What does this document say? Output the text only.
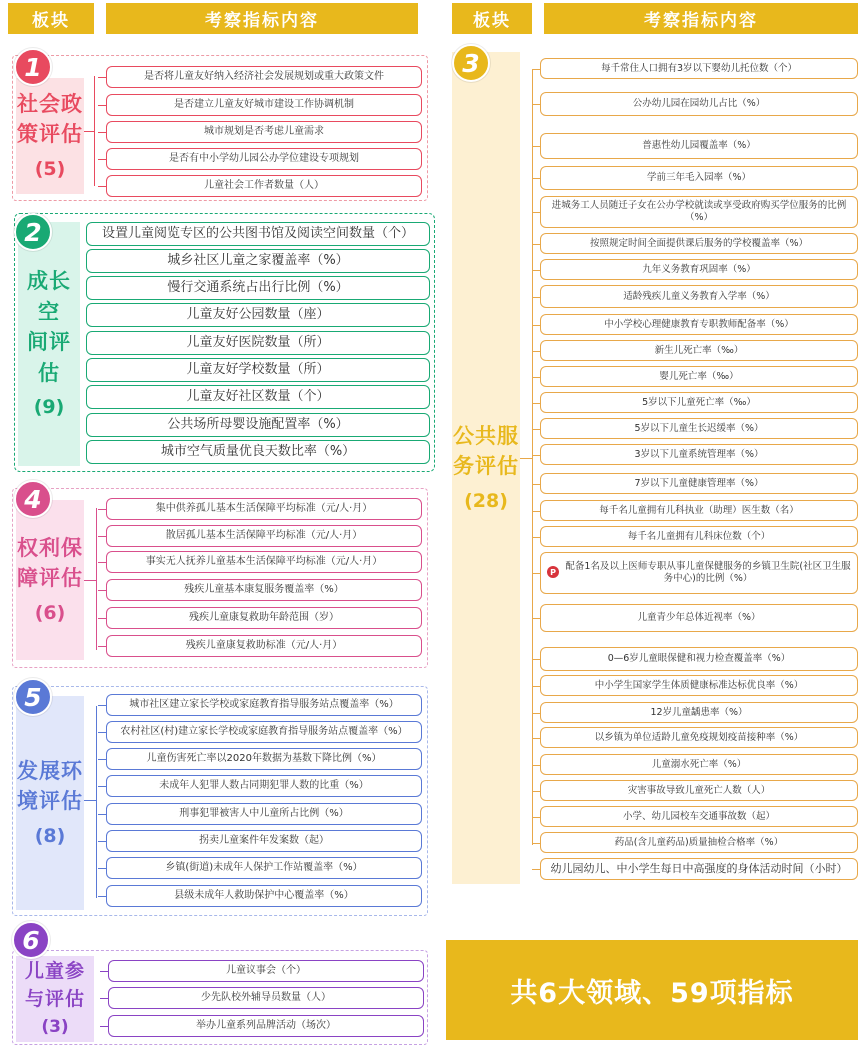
板块	考察指标内容	板块	考察指标内容
社会政
策评估
(5)
1	是否将儿童友好纳入经济社会发展规划或重大政策文件
是否建立儿童友好城市建设工作协调机制
城市规划是否考虑儿童需求
是否有中小学幼儿园公办学位建设专项规划
儿童社会工作者数量（人）
成长空
间评估
(9)
2	设置儿童阅览专区的公共图书馆及阅读空间数量（个）
城乡社区儿童之家覆盖率（%）
慢行交通系统占出行比例（%）
儿童友好公园数量（座）
儿童友好医院数量（所）
儿童友好学校数量（所）
儿童友好社区数量（个）
公共场所母婴设施配置率（%）
城市空气质量优良天数比率（%）
公共服
务评估
(28)
3	每千常住人口拥有3岁以下婴幼儿托位数（个）
公办幼儿园在园幼儿占比（%）
普惠性幼儿园覆盖率（%）
学前三年毛入园率（%）
进城务工人员随迁子女在公办学校就读或享受政府购买学位服务的比例（%）
按照规定时间全面提供课后服务的学校覆盖率（%）
九年义务教育巩固率（%）
适龄残疾儿童义务教育入学率（%）
中小学校心理健康教育专职教师配备率（%）
新生儿死亡率（‰）
婴儿死亡率（‰）
5岁以下儿童死亡率（‰）
5岁以下儿童生长迟缓率（%）
3岁以下儿童系统管理率（%）
7岁以下儿童健康管理率（%）
每千名儿童拥有儿科执业（助理）医生数（名）
每千名儿童拥有儿科床位数（个）
配备1名及以上医师专职从事儿童保健服务的乡镇卫生院(社区卫生服务中心)的比例（%）
儿童青少年总体近视率（%）
0—6岁儿童眼保健和视力检查覆盖率（%）
中小学生国家学生体质健康标准达标优良率（%）
12岁儿童龋患率（%）
以乡镇为单位适龄儿童免疫规划疫苗接种率（%）
儿童溺水死亡率（%）
灾害事故导致儿童死亡人数（人）
小学、幼儿园校车交通事故数（起）
药品(含儿童药品)质量抽检合格率（%）
幼儿园幼儿、中小学生每日中高强度的身体活动时间（小时）
P
权利保
障评估
(6)
4	集中供养孤儿基本生活保障平均标准（元/人·月）
散居孤儿基本生活保障平均标准（元/人·月）
事实无人抚养儿童基本生活保障平均标准（元/人·月）
残疾儿童基本康复服务覆盖率（%）
残疾儿童康复救助年龄范围（岁）
残疾儿童康复救助标准（元/人·月）
发展环
境评估
(8)
5	城市社区建立家长学校或家庭教育指导服务站点覆盖率（%）
农村社区(村)建立家长学校或家庭教育指导服务站点覆盖率（%）
儿童伤害死亡率以2020年数据为基数下降比例（%）
未成年人犯罪人数占同期犯罪人数的比重（%）
刑事犯罪被害人中儿童所占比例（%）
拐卖儿童案件年发案数（起）
乡镇(街道)未成年人保护工作站覆盖率（%）
县级未成年人救助保护中心覆盖率（%）
儿童参
与评估
(3)
6
儿童议事会（个）
少先队校外辅导员数量（人）
举办儿童系列品牌活动（场次）
共6大领域、59项指标
